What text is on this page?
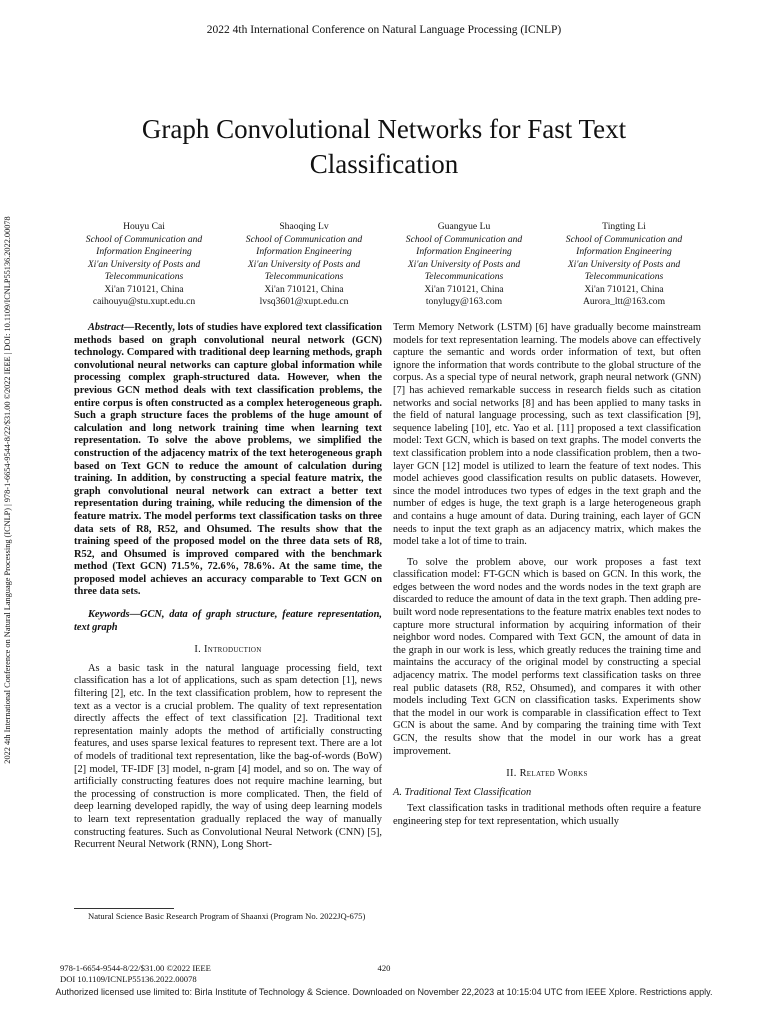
2022 4th International Conference on Natural Language Processing (ICNLP)
Graph Convolutional Networks for Fast Text Classification
2022 4th International Conference on Natural Language Processing (ICNLP) | 978-1-6654-9544-8/22/$31.00 ©2022 IEEE | DOI: 10.1109/ICNLP55136.2022.00078	Houyu Cai
School of Communication and Information Engineering
Xi'an University of Posts and Telecommunications
Xi'an 710121, China
caihouyu@stu.xupt.edu.cn
Shaoqing Lv
School of Communication and Information Engineering
Xi'an University of Posts and Telecommunications
Xi'an 710121, China
lvsq3601@xupt.edu.cn
Guangyue Lu
School of Communication and Information Engineering
Xi'an University of Posts and Telecommunications
Xi'an 710121, China
tonylugy@163.com
Tingting Li
School of Communication and Information Engineering
Xi'an University of Posts and Telecommunications
Xi'an 710121, China
Aurora_ltt@163.com

Abstract—Recently, lots of studies have explored text classification methods based on graph convolutional neural network (GCN) technology. Compared with traditional deep learning methods, graph convolutional neural networks can capture global information while processing complex graph-structured data. However, when the previous GCN method deals with text classification problems, the entire corpus is often constructed as a complex heterogeneous graph. Such a graph structure faces the problems of the huge amount of calculation and long network training time when learning text representation. To solve the above problems, we simplified the construction of the adjacency matrix of the text heterogeneous graph based on Text GCN to reduce the amount of calculation during training. In addition, by constructing a special feature matrix, the graph convolutional neural network can extract a better text representation during training, while reducing the dimension of the feature matrix. The model performs text classification tasks on three data sets of R8, R52, and Ohsumed. The results show that the training speed of the proposed model on the three data sets of R8, R52, and Ohsumed is improved compared with the benchmark method (Text GCN) 71.5%, 72.6%, 78.6%. At the same time, the proposed model achieves an accuracy comparable to Text GCN on three data sets.

Keywords—GCN, data of graph structure, feature representation, text graph

I. Introduction

As a basic task in the natural language processing field, text classification has a lot of applications, such as spam detection [1], news filtering [2], etc. In the text classification problem, how to represent the text as a vector is a crucial problem. The quality of text representation directly affects the effect of text classification [2]. Traditional text representation mainly adopts the method of artificially constructing features, and uses sparse lexical features to represent text. There are a lot of models of traditional text representation, like the bag-of-words (BoW) [2] model, TF-IDF [3] model, n-gram [4] model, and so on. The way of artificially constructing features does not require machine learning, but the processing of construction is more complicated. Then, the field of deep learning developed rapidly, the way of using deep learning models to learn text representation gradually replaced the way of manually constructing features. Such as Convolutional Neural Network (CNN) [5], Recurrent Neural Network (RNN), Long Short-

Term Memory Network (LSTM) [6] have gradually become mainstream models for text representation learning. The models above can effectively capture the semantic and words order information of text, but often ignore the information that words contribute to the global structure of the corpus. As a special type of neural network, graph neural network (GNN) [7] has achieved remarkable success in research fields such as citation networks and social networks [8] and has been applied to many tasks in the field of natural language processing, such as text classification [9], sequence labeling [10], etc. Yao et al. [11] proposed a text classification model: Text GCN, which is based on text graphs. The model converts the text classification problem into a node classification problem, then a two-layer GCN [12] model is utilized to learn the feature of text nodes. This model achieves good classification results on public datasets. However, since the model introduces two types of edges in the text graph and the number of edges is huge, the text graph is a large heterogeneous graph and contains a huge amount of data. During training, each layer of GCN needs to input the text graph as an adjacency matrix, which makes the model take a lot of time to train.

To solve the problem above, our work proposes a fast text classification model: FT-GCN which is based on GCN. In this work, the edges between the word nodes and the words nodes in the text graph are discarded to reduce the amount of data in the text graph. Then adding pre-built word node representations to the feature matrix enables text nodes to capture more structural information by acquiring information of their neighbor word nodes. Compared with Text GCN, the amount of data in the graph in our work is less, which greatly reduces the training time and maintains the accuracy of the original model by constructing a special adjacency matrix. The model performs text classification tasks on three real public datasets (R8, R52, Ohsumed), and compares it with other models including Text GCN on classification tasks. Experiments show that the model in our work is comparable in classification effect to Text GCN is about the same. And by comparing the training time with Text GCN, the results show that the model in our work has a great improvement.

II. Related Works

A. Traditional Text Classification

Text classification tasks in traditional methods often require a feature engineering step for text representation, which usually

Natural Science Basic Research Program of Shaanxi (Program No. 2022JQ-675)
978-1-6654-9544-8/22/$31.00 ©2022 IEEE
DOI 10.1109/ICNLP55136.2022.00078
420
Authorized licensed use limited to: Birla Institute of Technology & Science. Downloaded on November 22,2023 at 10:15:04 UTC from IEEE Xplore. Restrictions apply.
